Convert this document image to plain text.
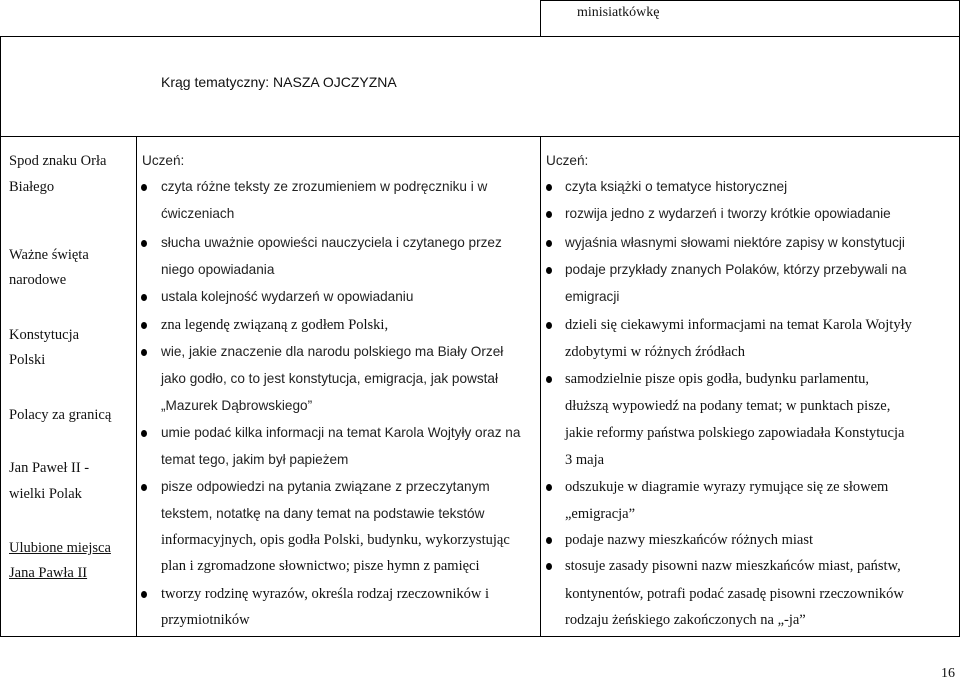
minisiatkówkę
Krąg tematyczny: NASZA OJCZYZNA
Spod znaku Orła
Białego
Ważne święta
narodowe
Konstytucja
Polski
Polacy za granicą
Jan Paweł II -
wielki Polak
Ulubione miejsca
Jana Pawła II
Uczeń:
czyta różne teksty ze zrozumieniem w podręczniku i w
ćwiczeniach
słucha uważnie opowieści nauczyciela i czytanego przez
niego opowiadania
ustala kolejność wydarzeń w opowiadaniu
zna legendę związaną z godłem Polski,
wie, jakie znaczenie dla narodu polskiego ma Biały Orzeł
jako godło, co to jest konstytucja, emigracja, jak powstał
„Mazurek Dąbrowskiego”
umie podać kilka informacji na temat Karola Wojtyły oraz na
temat tego, jakim był papieżem
pisze odpowiedzi na pytania związane z przeczytanym
tekstem, notatkę na dany temat na podstawie tekstów
informacyjnych, opis godła Polski, budynku, wykorzystując
plan i zgromadzone słownictwo; pisze hymn z pamięci
tworzy rodzinę wyrazów, określa rodzaj rzeczowników i
przymiotników
Uczeń:
czyta książki o tematyce historycznej
rozwija jedno z wydarzeń i tworzy krótkie opowiadanie
wyjaśnia własnymi słowami niektóre zapisy w konstytucji
podaje przykłady znanych Polaków, którzy przebywali na
emigracji
dzieli się ciekawymi informacjami na temat Karola Wojtyły
zdobytymi w różnych źródłach
samodzielnie pisze opis godła, budynku parlamentu,
dłuższą wypowiedź na podany temat; w punktach pisze,
jakie reformy państwa polskiego zapowiadała Konstytucja
3 maja
odszukuje w diagramie wyrazy rymujące się ze słowem
„emigracja”
podaje nazwy mieszkańców różnych miast
stosuje zasady pisowni nazw mieszkańców miast, państw,
kontynentów, potrafi podać zasadę pisowni rzeczowników
rodzaju żeńskiego zakończonych na „-ja”
16
